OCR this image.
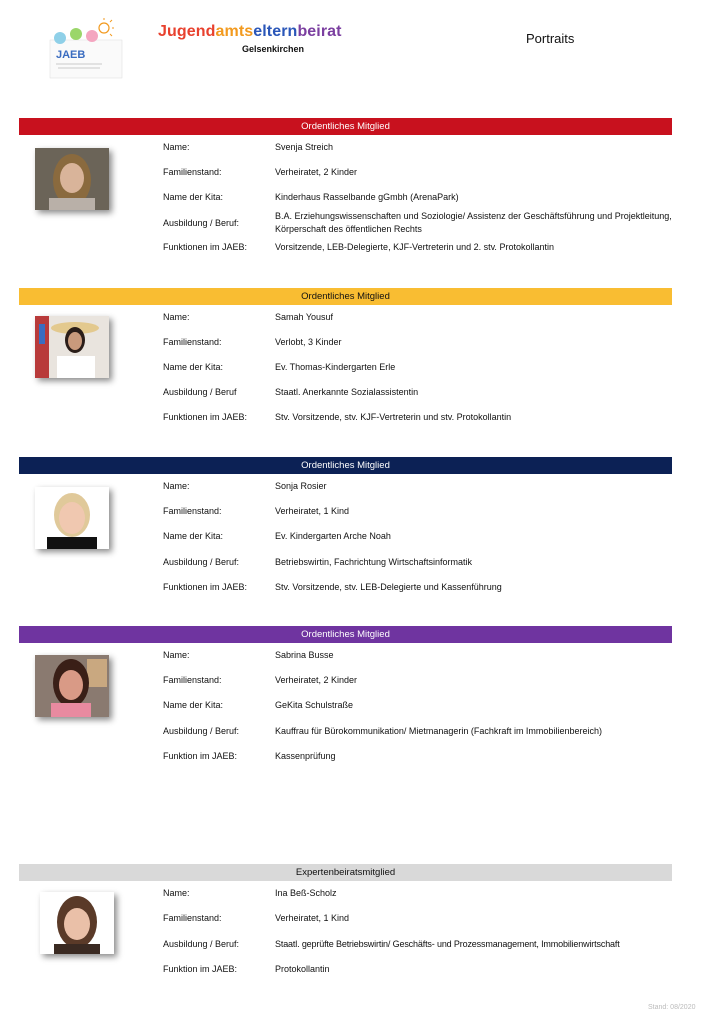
JAEB
Jugendamtselternbeirat
Gelsenkirchen
Portraits
Ordentliches Mitglied
Name:	Svenja Streich
Familienstand:	Verheiratet, 2 Kinder
Name der Kita:	Kinderhaus Rasselbande gGmbh (ArenaPark)
Ausbildung / Beruf:
B.A. Erziehungswissenschaften und Soziologie/ Assistenz der Geschäftsführung und Projektleitung, Körperschaft des öffentlichen Rechts
Funktionen im JAEB:	Vorsitzende, LEB-Delegierte, KJF-Vertreterin und 2. stv. Protokollantin
Ordentliches Mitglied
Name:	Samah Yousuf
Familienstand:	Verlobt, 3 Kinder
Name der Kita:	Ev. Thomas-Kindergarten Erle
Ausbildung / Beruf	Staatl. Anerkannte Sozialassistentin
Funktionen im JAEB:	Stv. Vorsitzende, stv. KJF-Vertreterin und stv. Protokollantin
Ordentliches Mitglied
Name:	Sonja Rosier
Familienstand:	Verheiratet, 1 Kind
Name der Kita:	Ev. Kindergarten Arche Noah
Ausbildung / Beruf:	Betriebswirtin, Fachrichtung Wirtschaftsinformatik
Funktionen im JAEB:	Stv. Vorsitzende, stv. LEB-Delegierte und Kassenführung
Ordentliches Mitglied
Name:	Sabrina Busse
Familienstand:	Verheiratet, 2 Kinder
Name der Kita:	GeKita Schulstraße
Ausbildung / Beruf:	Kauffrau für Bürokommunikation/ Mietmanagerin (Fachkraft im Immobilienbereich)
Funktion im JAEB:	Kassenprüfung
Expertenbeiratsmitglied
Name:	Ina Beß-Scholz
Familienstand:	Verheiratet, 1 Kind
Ausbildung / Beruf:	Staatl. geprüfte Betriebswirtin/ Geschäfts- und Prozessmanagement, Immobilienwirtschaft
Funktion im JAEB:	Protokollantin
Stand: 08/2020
